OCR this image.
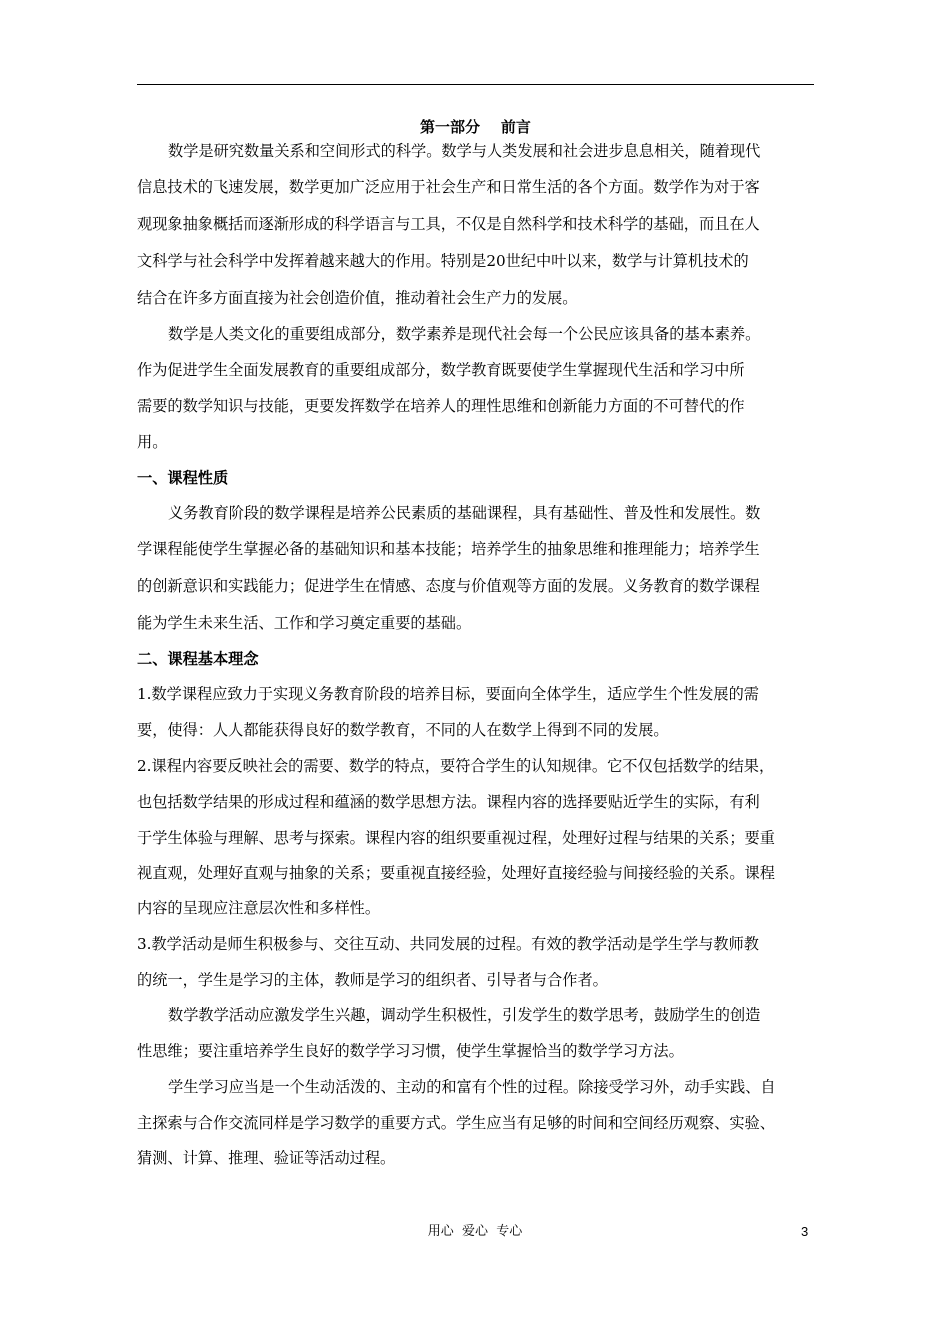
第一部分    前言
数学是研究数量关系和空间形式的科学。数学与人类发展和社会进步息息相关，随着现代
信息技术的飞速发展，数学更加广泛应用于社会生产和日常生活的各个方面。数学作为对于客
观现象抽象概括而逐渐形成的科学语言与工具，不仅是自然科学和技术科学的基础，而且在人
文科学与社会科学中发挥着越来越大的作用。特别是20世纪中叶以来，数学与计算机技术的
结合在许多方面直接为社会创造价值，推动着社会生产力的发展。
数学是人类文化的重要组成部分，数学素养是现代社会每一个公民应该具备的基本素养。
作为促进学生全面发展教育的重要组成部分，数学教育既要使学生掌握现代生活和学习中所
需要的数学知识与技能，更要发挥数学在培养人的理性思维和创新能力方面的不可替代的作
用。
一、课程性质
义务教育阶段的数学课程是培养公民素质的基础课程，具有基础性、普及性和发展性。数
学课程能使学生掌握必备的基础知识和基本技能；培养学生的抽象思维和推理能力；培养学生
的创新意识和实践能力；促进学生在情感、态度与价值观等方面的发展。义务教育的数学课程
能为学生未来生活、工作和学习奠定重要的基础。
二、课程基本理念
1.数学课程应致力于实现义务教育阶段的培养目标，要面向全体学生，适应学生个性发展的需
要，使得：人人都能获得良好的数学教育，不同的人在数学上得到不同的发展。
2.课程内容要反映社会的需要、数学的特点，要符合学生的认知规律。它不仅包括数学的结果，
也包括数学结果的形成过程和蕴涵的数学思想方法。课程内容的选择要贴近学生的实际，有利
于学生体验与理解、思考与探索。课程内容的组织要重视过程，处理好过程与结果的关系；要重
视直观，处理好直观与抽象的关系；要重视直接经验，处理好直接经验与间接经验的关系。课程
内容的呈现应注意层次性和多样性。
3.教学活动是师生积极参与、交往互动、共同发展的过程。有效的教学活动是学生学与教师教
的统一，学生是学习的主体，教师是学习的组织者、引导者与合作者。
数学教学活动应激发学生兴趣，调动学生积极性，引发学生的数学思考，鼓励学生的创造
性思维；要注重培养学生良好的数学学习习惯，使学生掌握恰当的数学学习方法。
学生学习应当是一个生动活泼的、主动的和富有个性的过程。除接受学习外，动手实践、自
主探索与合作交流同样是学习数学的重要方式。学生应当有足够的时间和空间经历观察、实验、
猜测、计算、推理、验证等活动过程。
用心  爱心  专心	3
